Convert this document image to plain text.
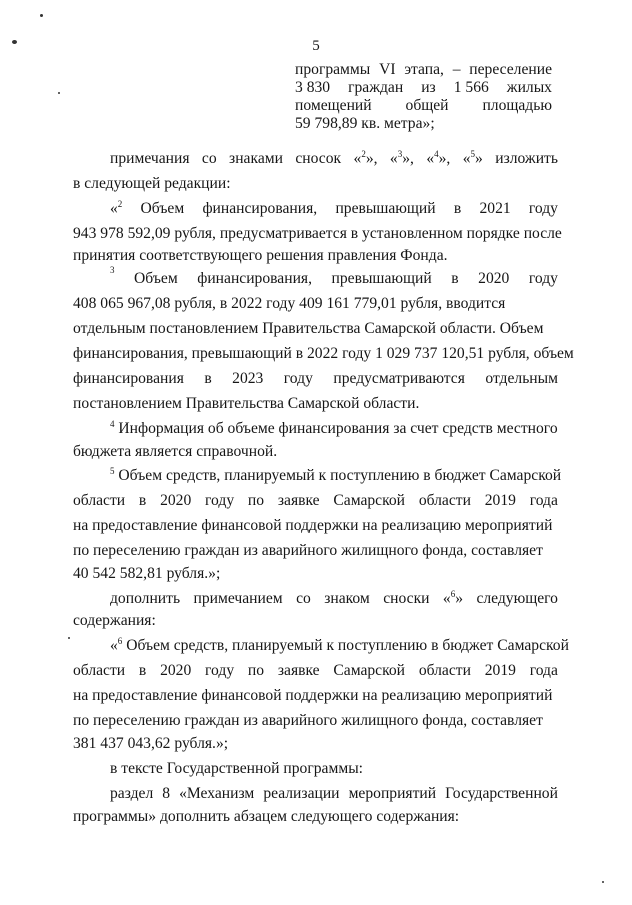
5
программы VI этапа, – переселение
3 830 граждан из 1 566 жилых
помещений общей площадью
59 798,89 кв. метра»;
примечания со знаками сносок «$^2$», «$^3$», «$^4$», «$^5$» изложить
в следующей редакции:
«$^2$ Объем финансирования, превышающий в 2021 году
943 978 592,09 рубля, предусматривается в установленном порядке после
принятия соответствующего решения правления Фонда.
3 Объем финансирования, превышающий в 2020 году
408 065 967,08 рубля, в 2022 году 409 161 779,01 рубля, вводится
отдельным постановлением Правительства Самарской области. Объем
финансирования, превышающий в 2022 году 1 029 737 120,51 рубля, объем
финансирования в 2023 году предусматриваются отдельным
постановлением Правительства Самарской области.
$^4$ Информация об объеме финансирования за счет средств местного
бюджета является справочной.
$^5$ Объем средств, планируемый к поступлению в бюджет Самарской
области в 2020 году по заявке Самарской области 2019 года
на предоставление финансовой поддержки на реализацию мероприятий
по переселению граждан из аварийного жилищного фонда, составляет
40 542 582,81 рубля.»;
дополнить примечанием со знаком сноски «$^6$» следующего
содержания:
«$^6$ Объем средств, планируемый к поступлению в бюджет Самарской
области в 2020 году по заявке Самарской области 2019 года
на предоставление финансовой поддержки на реализацию мероприятий
по переселению граждан из аварийного жилищного фонда, составляет
381 437 043,62 рубля.»;
в тексте Государственной программы:
раздел 8 «Механизм реализации мероприятий Государственной
программы» дополнить абзацем следующего содержания:
